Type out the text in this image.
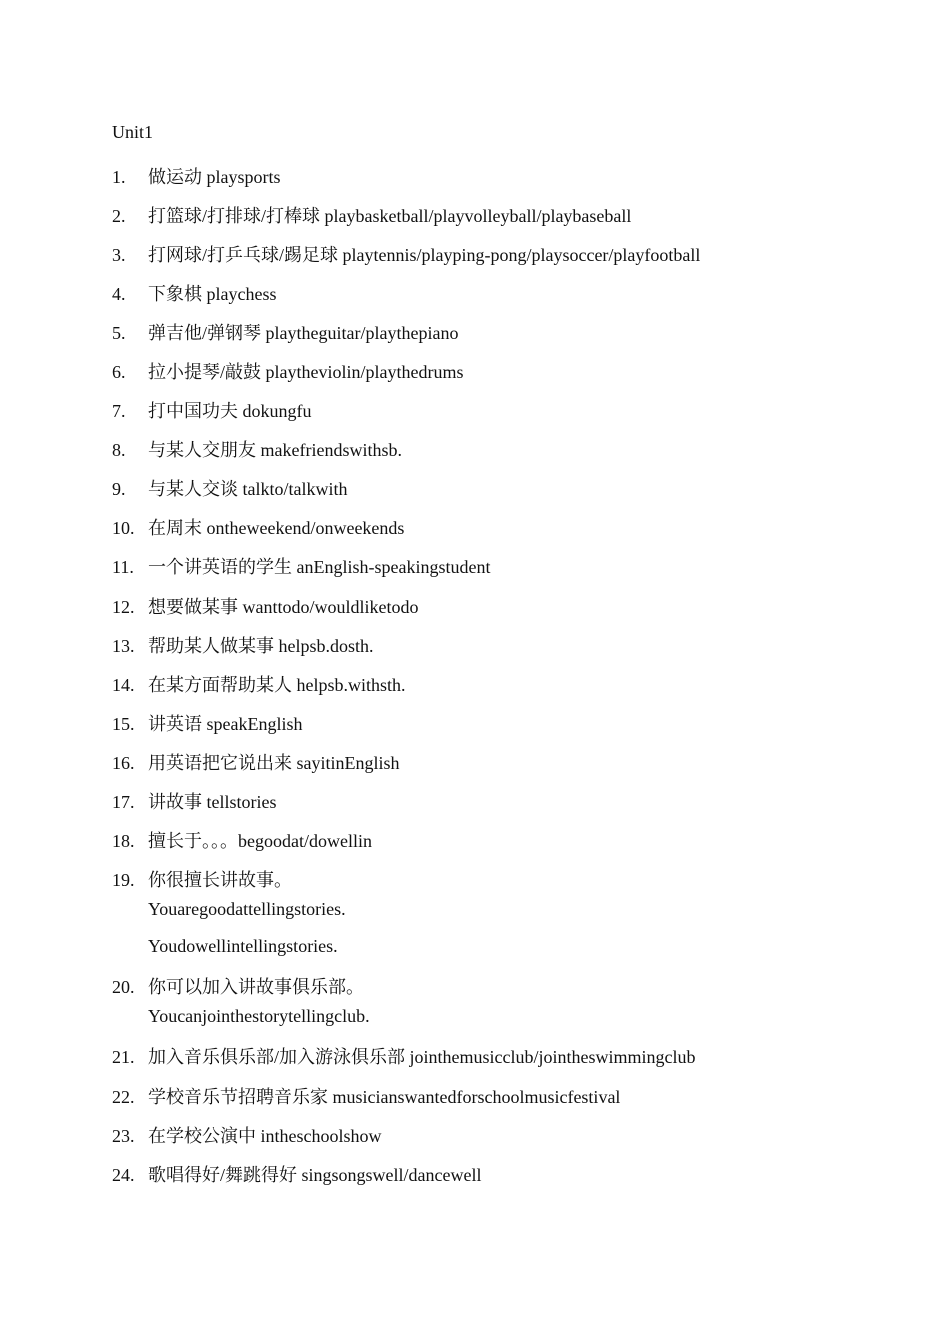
Unit1
1.	做运动 playsports
2.	打篮球/打排球/打棒球 playbasketball/playvolleyball/playbaseball
3.	打网球/打乒乓球/踢足球 playtennis/playping-pong/playsoccer/playfootball
4.	下象棋 playchess
5.	弹吉他/弹钢琴 playtheguitar/playthepiano
6.	拉小提琴/敲鼓 playtheviolin/playthedrums
7.	打中国功夫 dokungfu
8.	与某人交朋友 makefriendswithsb.
9.	与某人交谈 talkto/talkwith
10. 在周末 ontheweekend/onweekends
11. 一个讲英语的学生 anEnglish-speakingstudent
12. 想要做某事 wanttodo/wouldliketodo
13. 帮助某人做某事 helpsb.dosth.
14. 在某方面帮助某人 helpsb.withsth.
15. 讲英语 speakEnglish
16. 用英语把它说出来 sayitinEnglish
17. 讲故事 tellstories
18. 擅长于。。。begoodat/dowellin
19. 你很擅长讲故事。
Youaregoodattellingstories.
Youdowellintellingstories.
20. 你可以加入讲故事俱乐部。
Youcanjointhestorytellingclub.
21. 加入音乐俱乐部/加入游泳俱乐部 jointhemusicclub/jointheswimmingclub
22. 学校音乐节招聘音乐家 musicianswantedforschoolmusicfestival
23. 在学校公演中 intheschoolshow
24. 歌唱得好/舞跳得好 singsongswell/dancewell
